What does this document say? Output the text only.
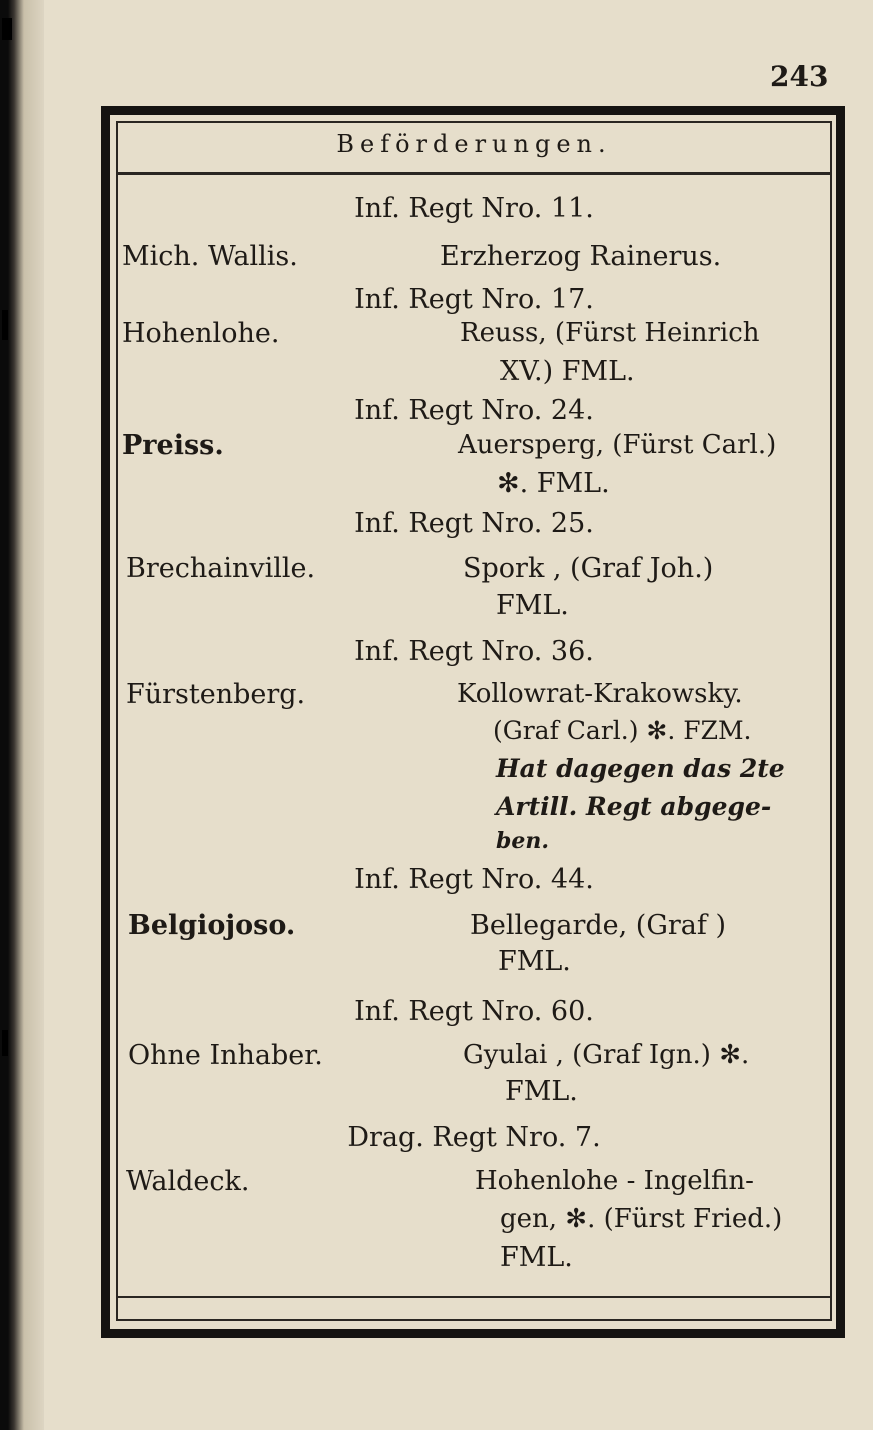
243
Beförderungen.
Inf. Regt Nro. 11.
Mich. Wallis.	Erzherzog Rainerus.
Inf. Regt Nro. 17.
Hohenlohe.	Reuss, (Fürst Heinrich
XV.) FML.
Inf. Regt Nro. 24.
Preiss.	Auersperg, (Fürst Carl.)
✻. FML.
Inf. Regt Nro. 25.
Brechainville.	Spork , (Graf Joh.)
FML.
Inf. Regt Nro. 36.
Fürstenberg.	Kollowrat-Krakowsky.
(Graf Carl.) ✻. FZM.
Hat dagegen das 2te
Artill. Regt abgege-
ben.
Inf. Regt Nro. 44.
Belgiojoso.	Bellegarde, (Graf )
FML.
Inf. Regt Nro. 60.
Ohne Inhaber.	Gyulai , (Graf Ign.) ✻.
FML.
Drag. Regt Nro. 7.
Waldeck.	Hohenlohe - Ingelfin-
gen, ✻. (Fürst Fried.)
FML.
